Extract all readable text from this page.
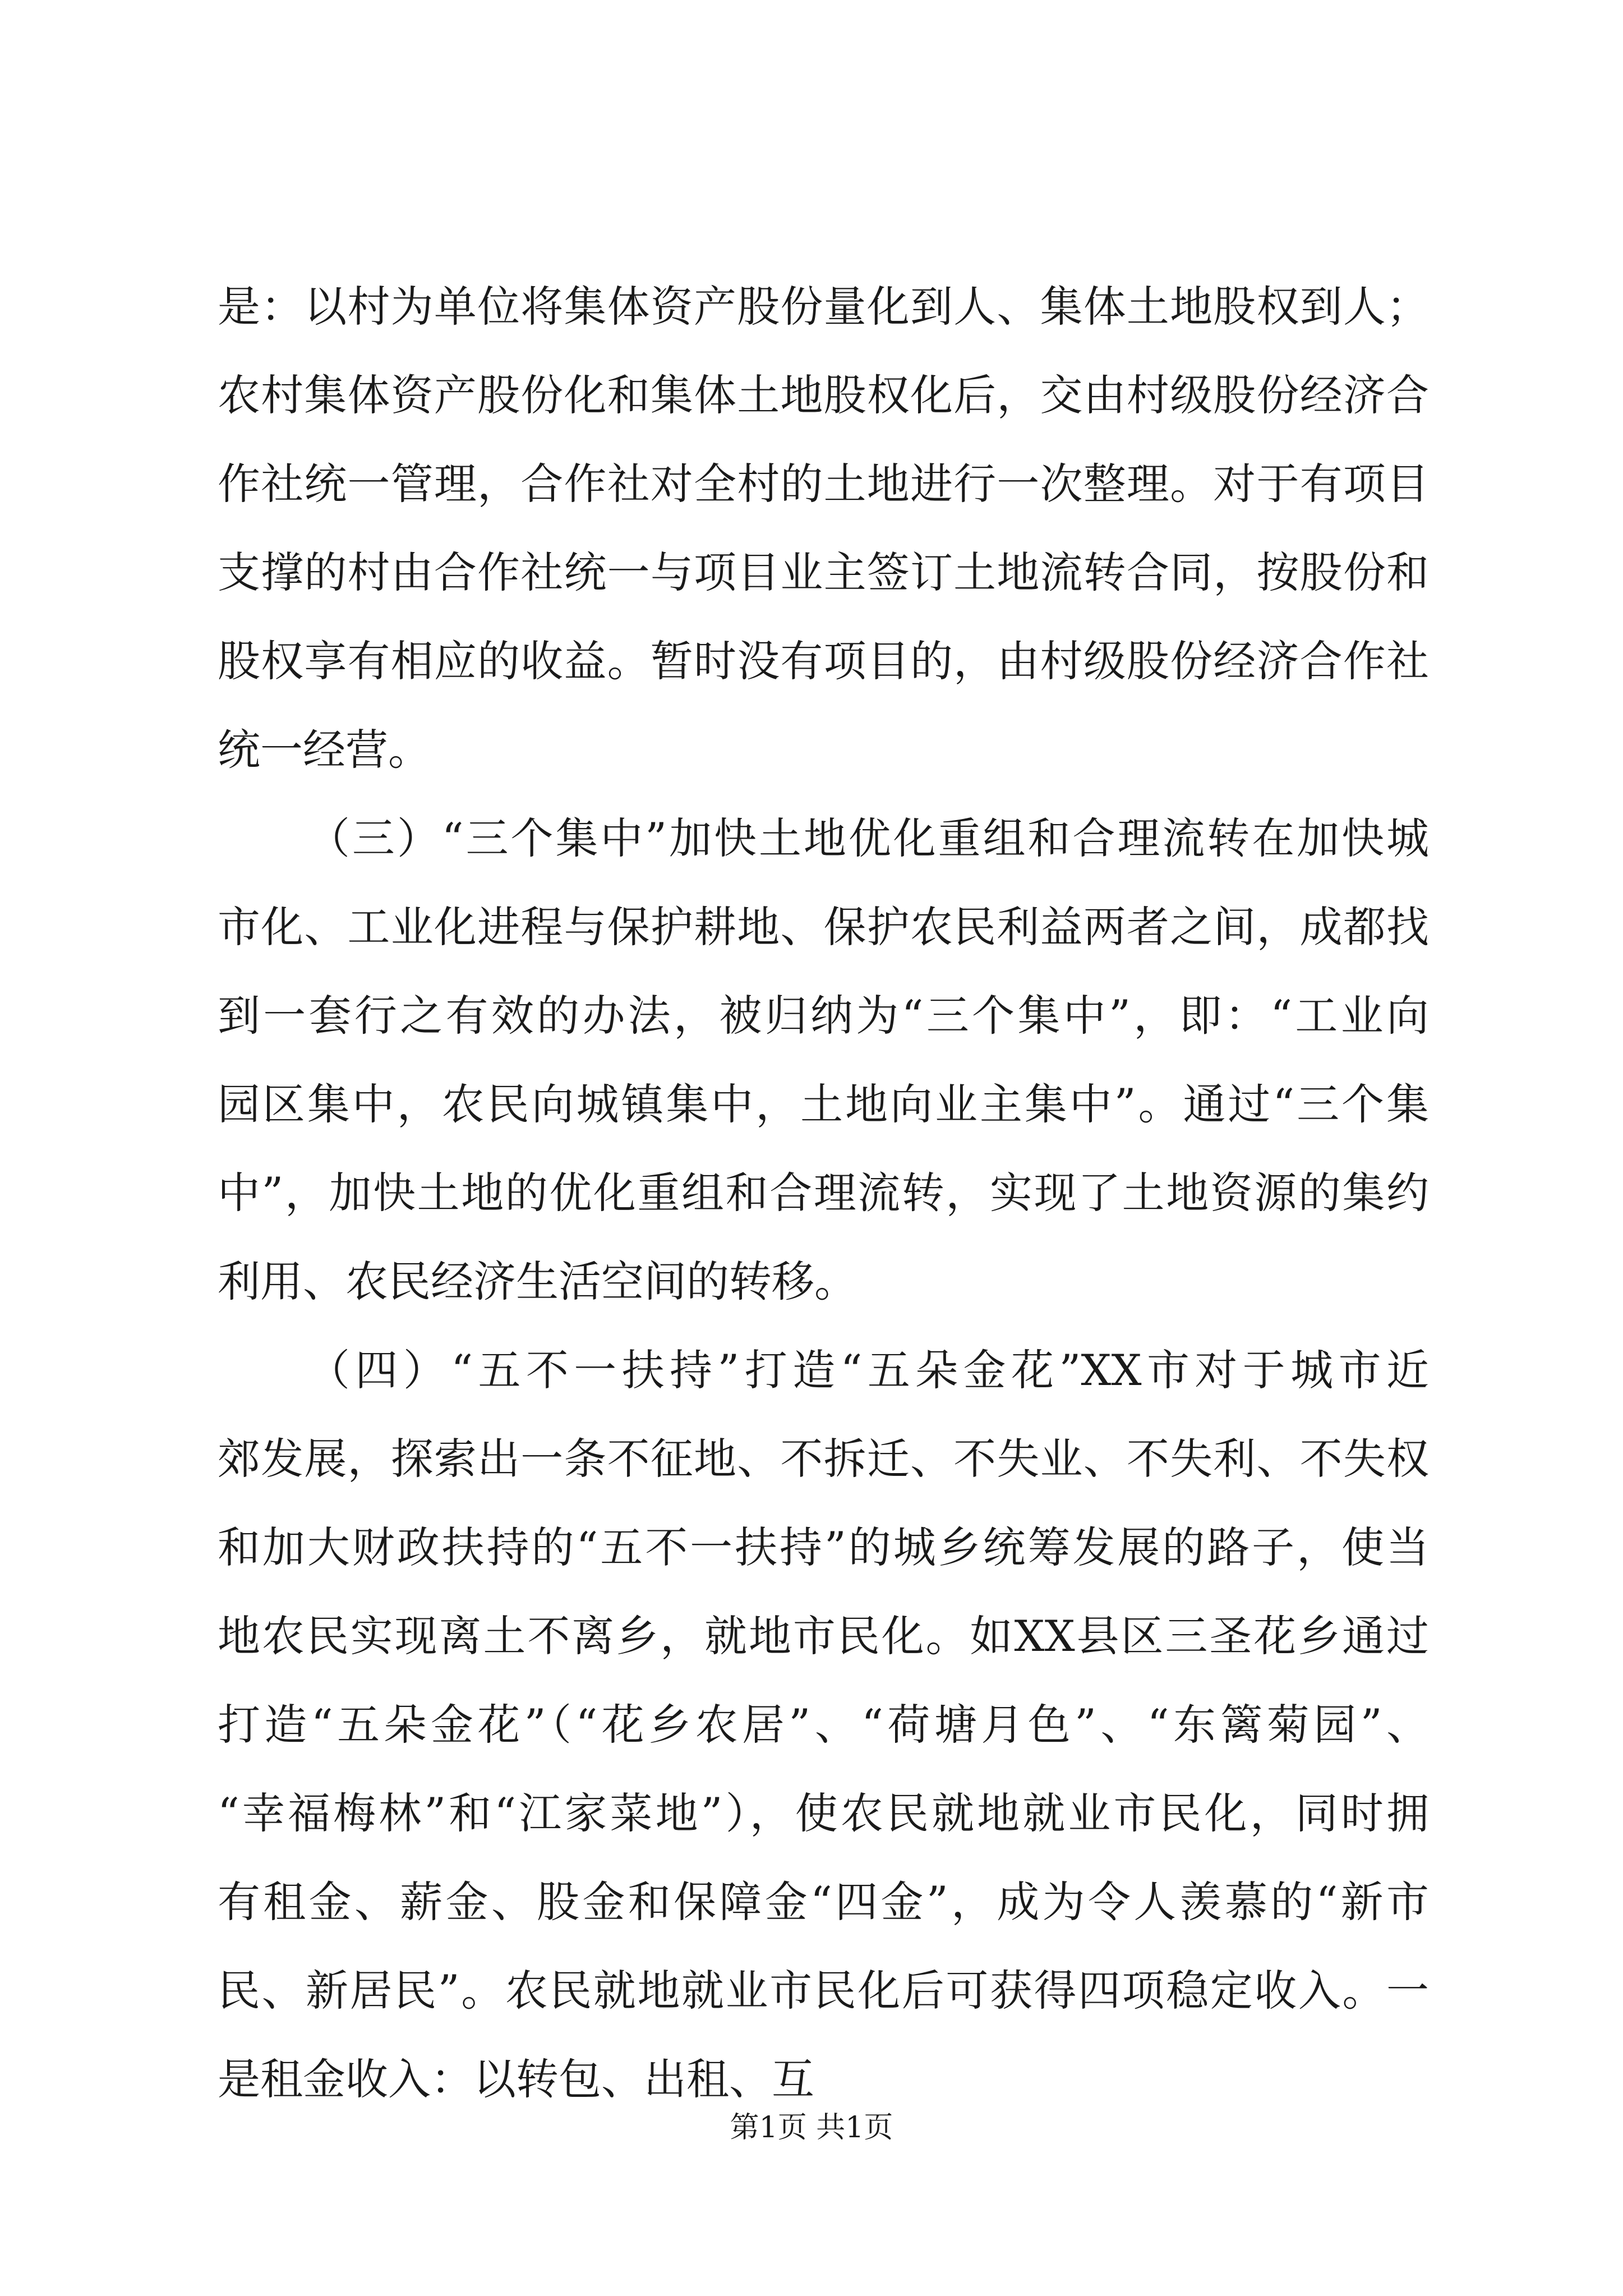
是：以村为单位将集体资产股份量化到人、集体土地股权到人；
农村集体资产股份化和集体土地股权化后，交由村级股份经济合
作社统一管理，合作社对全村的土地进行一次整理。对于有项目
支撑的村由合作社统一与项目业主签订土地流转合同，按股份和
股权享有相应的收益。暂时没有项目的，由村级股份经济合作社
统一经营。
（三）“三个集中”加快土地优化重组和合理流转在加快城
市化、工业化进程与保护耕地、保护农民利益两者之间，成都找
到一套行之有效的办法，被归纳为“三个集中”，即：“工业向
园区集中，农民向城镇集中，土地向业主集中”。通过“三个集
中”，加快土地的优化重组和合理流转，实现了土地资源的集约
利用、农民经济生活空间的转移。
（四）“五不一扶持”打造“五朵金花”XX市对于城市近
郊发展，探索出一条不征地、不拆迁、不失业、不失利、不失权
和加大财政扶持的“五不一扶持”的城乡统筹发展的路子，使当
地农民实现离土不离乡，就地市民化。如XX县区三圣花乡通过
打造“五朵金花”（“花乡农居”、“荷塘月色”、“东篱菊园”、
“幸福梅林”和“江家菜地”），使农民就地就业市民化，同时拥
有租金、薪金、股金和保障金“四金”，成为令人羡慕的“新市
民、新居民”。农民就地就业市民化后可获得四项稳定收入。一
是租金收入：以转包、出租、互
第1页 共1页
